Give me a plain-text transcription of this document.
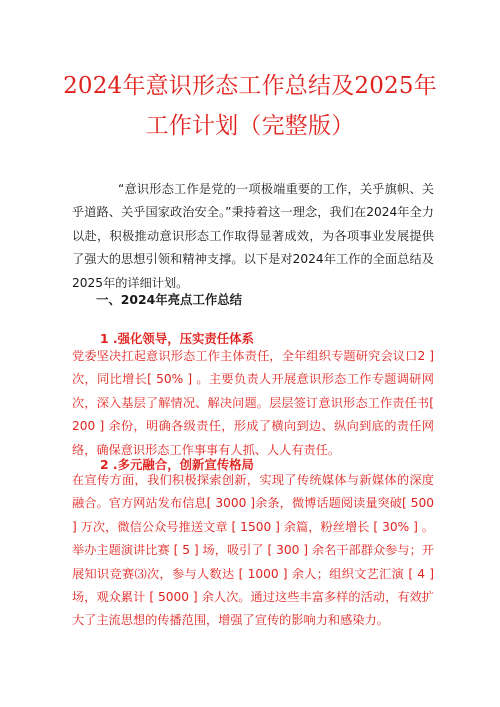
2024年意识形态工作总结及2025年工作计划（完整版）
“意识形态工作是党的一项极端重要的工作，关乎旗帜、关乎道路、关乎国家政治安全。”秉持着这一理念，我们在2024年全力以赴，积极推动意识形态工作取得显著成效，为各项事业发展提供了强大的思想引领和精神支撑。以下是对2024年工作的全面总结及2025年的详细计划。
一、2024年亮点工作总结
1 .强化领导，压实责任体系
党委坚决扛起意识形态工作主体责任，全年组织专题研究会议口2 ]次，同比增长[ 50% ] 。主要负责人开展意识形态工作专题调研网次，深入基层了解情况、解决问题。层层签订意识形态工作责任书[ 200 ] 余份，明确各级责任，形成了横向到边、纵向到底的责任网络，确保意识形态工作事事有人抓、人人有责任。
2 .多元融合，创新宣传格局
在宣传方面，我们积极探索创新，实现了传统媒体与新媒体的深度融合。官方网站发布信息[ 3000 ]余条，微博话题阅读量突破[ 500 ] 万次，微信公众号推送文章 [ 1500 ] 余篇，粉丝增长 [ 30% ] 。举办主题演讲比赛 [ 5 ] 场，吸引了 [ 300 ] 余名干部群众参与；开展知识竞赛⑶次，参与人数达 [ 1000 ] 余人；组织文艺汇演 [ 4 ] 场，观众累计 [ 5000 ] 余人次。通过这些丰富多样的活动，有效扩大了主流思想的传播范围，增强了宣传的影响力和感染力。
